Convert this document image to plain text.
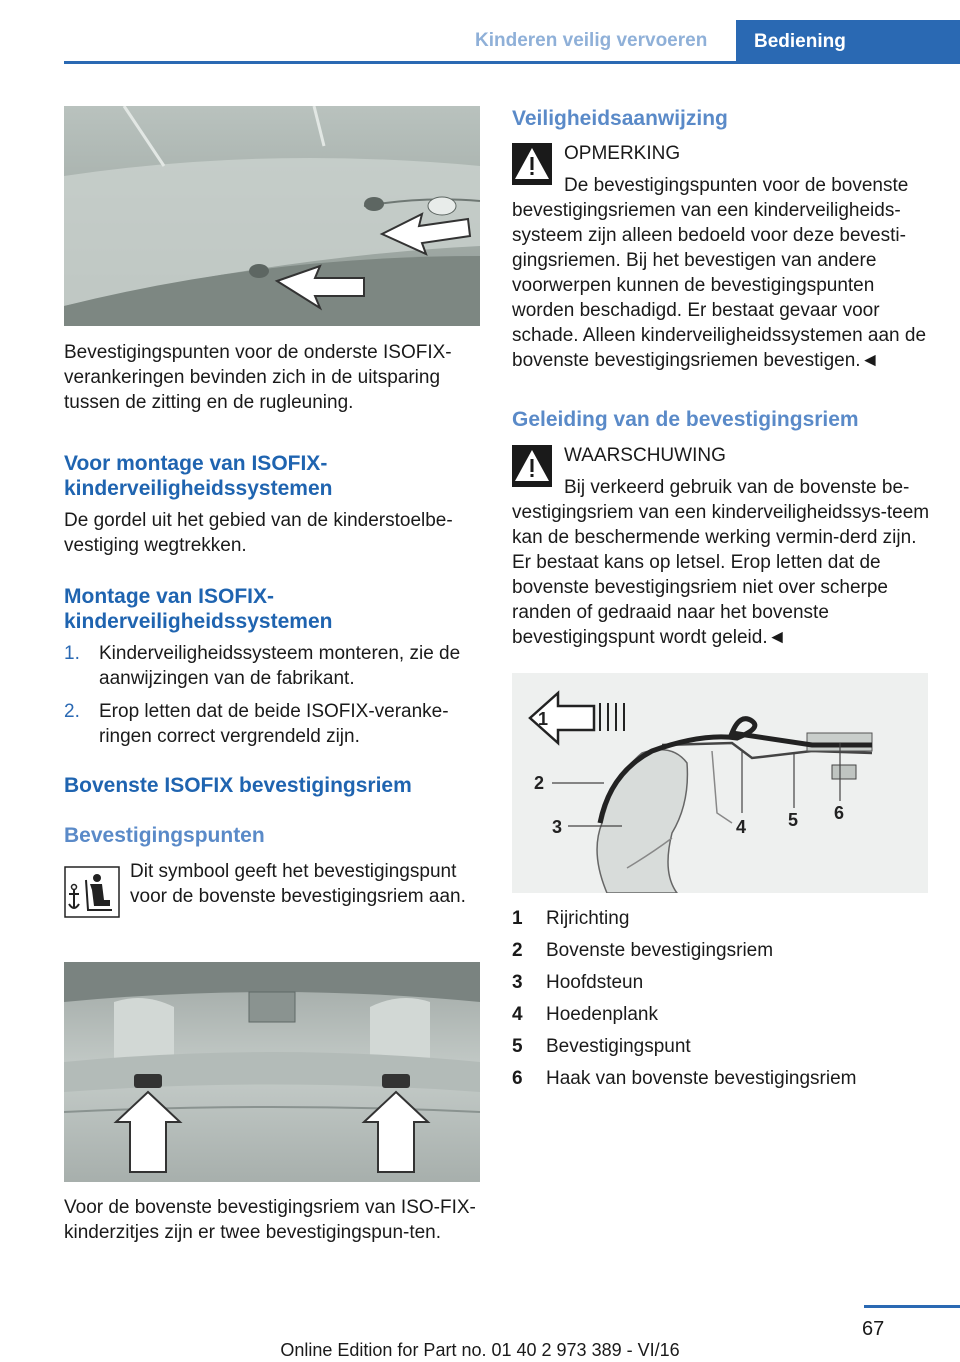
Kinderen veilig vervoeren	Bediening

Bevestigingspunten voor de onderste ISOFIX-verankeringen bevinden zich in de uitsparing tussen de zitting en de rugleuning.

Voor montage van ISOFIX-kinderveiligheidssystemen

De gordel uit het gebied van de kinderstoelbe-vestiging wegtrekken.

Montage van ISOFIX-kinderveiligheidssystemen
1. Kinderveiligheidssysteem monteren, zie de aanwijzingen van de fabrikant.
2. Erop letten dat de beide ISOFIX-veranke-ringen correct vergrendeld zijn.
Bovenste ISOFIX bevestigingsriem
Bevestigingspunten

Dit symbool geeft het bevestigingspunt voor de bovenste bevestigingsriem aan.

Voor de bovenste bevestigingsriem van ISO-FIX-kinderzitjes zijn er twee bevestigingspun-ten.

Veiligheidsaanwijzing

OPMERKING

De bevestigingspunten voor de bovenste bevestigingsriemen van een kinderveiligheids-systeem zijn alleen bedoeld voor deze bevesti-gingsriemen. Bij het bevestigen van andere voorwerpen kunnen de bevestigingspunten worden beschadigd. Er bestaat gevaar voor schade. Alleen kinderveiligheidssystemen aan de bovenste bevestigingsriemen bevestigen.◄

Geleiding van de bevestigingsriem

WAARSCHUWING

Bij verkeerd gebruik van de bovenste be-vestigingsriem van een kinderveiligheidssys-teem kan de beschermende werking vermin-derd zijn. Er bestaat kans op letsel. Erop letten dat de bovenste bevestigingsriem niet over scherpe randen of gedraaid naar het bovenste bevestigingspunt wordt geleid.◄

1
2
3	4 5 6
1 Rijrichting
2 Bovenste bevestigingsriem
3 Hoofdsteun
4 Hoedenplank
5 Bevestigingspunt
6 Haak van bovenste bevestigingsriem
67
Online Edition for Part no. 01 40 2 973 389 - VI/16
